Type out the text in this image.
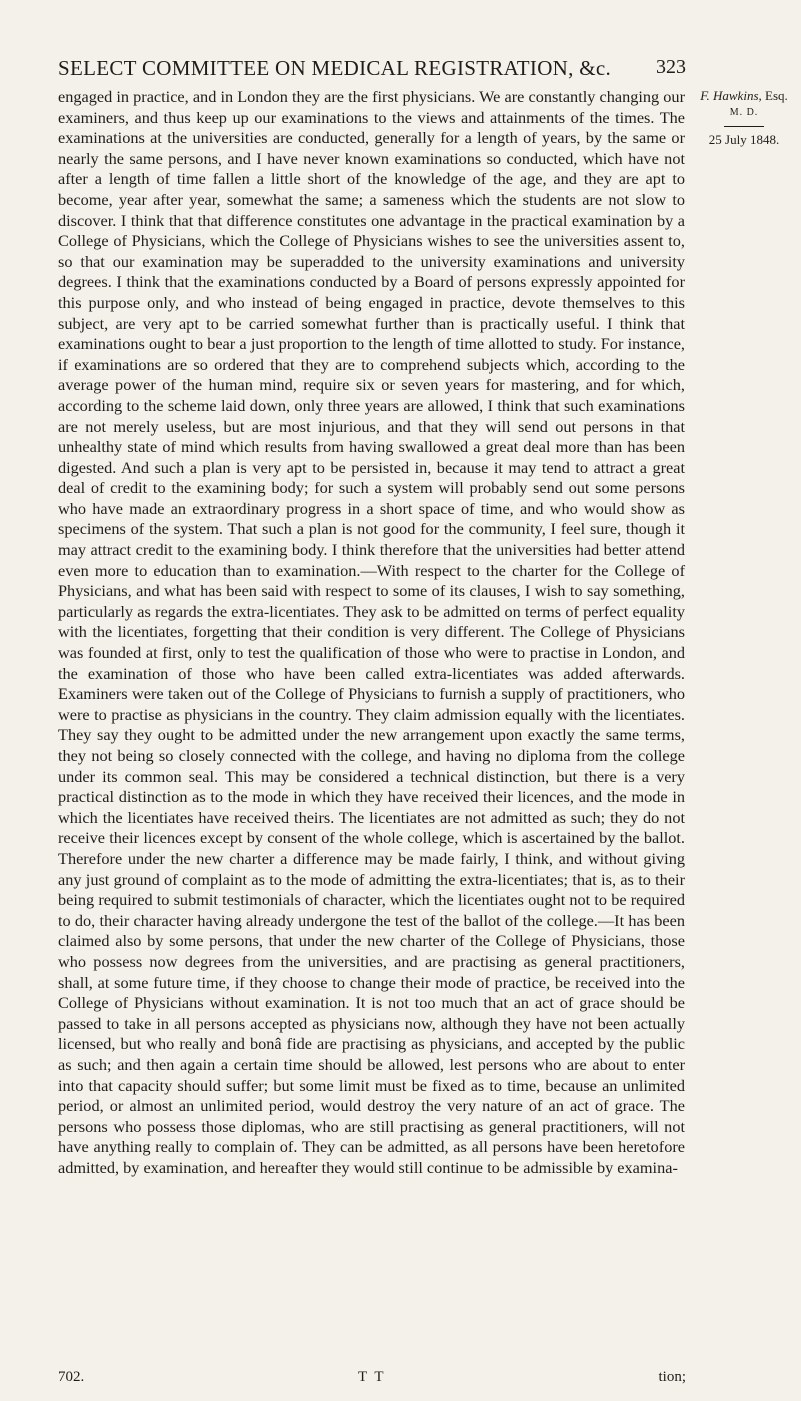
SELECT COMMITTEE ON MEDICAL REGISTRATION, &c. 323
engaged in practice, and in London they are the first physicians. We are constantly changing our examiners, and thus keep up our examinations to the views and attainments of the times. The examinations at the universities are conducted, generally for a length of years, by the same or nearly the same persons, and I have never known examinations so conducted, which have not after a length of time fallen a little short of the knowledge of the age, and they are apt to become, year after year, somewhat the same; a sameness which the students are not slow to discover. I think that that difference constitutes one advantage in the practical examination by a College of Physicians, which the College of Physicians wishes to see the universities assent to, so that our examination may be superadded to the university examinations and university degrees. I think that the examinations conducted by a Board of persons expressly appointed for this purpose only, and who instead of being engaged in practice, devote themselves to this subject, are very apt to be carried somewhat further than is practically useful. I think that examinations ought to bear a just proportion to the length of time allotted to study. For instance, if examinations are so ordered that they are to comprehend subjects which, according to the average power of the human mind, require six or seven years for mastering, and for which, according to the scheme laid down, only three years are allowed, I think that such examinations are not merely useless, but are most injurious, and that they will send out persons in that unhealthy state of mind which results from having swallowed a great deal more than has been digested. And such a plan is very apt to be persisted in, because it may tend to attract a great deal of credit to the examining body; for such a system will probably send out some persons who have made an extraordinary progress in a short space of time, and who would show as specimens of the system. That such a plan is not good for the community, I feel sure, though it may attract credit to the examining body. I think therefore that the universities had better attend even more to education than to examination.—With respect to the charter for the College of Physicians, and what has been said with respect to some of its clauses, I wish to say something, particularly as regards the extra-licentiates. They ask to be admitted on terms of perfect equality with the licentiates, forgetting that their condition is very different. The College of Physicians was founded at first, only to test the qualification of those who were to practise in London, and the examination of those who have been called extra-licentiates was added afterwards. Examiners were taken out of the College of Physicians to furnish a supply of practitioners, who were to practise as physicians in the country. They claim admission equally with the licentiates. They say they ought to be admitted under the new arrangement upon exactly the same terms, they not being so closely connected with the college, and having no diploma from the college under its common seal. This may be considered a technical distinction, but there is a very practical distinction as to the mode in which they have received their licences, and the mode in which the licentiates have received theirs. The licentiates are not admitted as such; they do not receive their licences except by consent of the whole college, which is ascertained by the ballot. Therefore under the new charter a difference may be made fairly, I think, and without giving any just ground of complaint as to the mode of admitting the extra-licentiates; that is, as to their being required to submit testimonials of character, which the licentiates ought not to be required to do, their character having already undergone the test of the ballot of the college.—It has been claimed also by some persons, that under the new charter of the College of Physicians, those who possess now degrees from the universities, and are practising as general practitioners, shall, at some future time, if they choose to change their mode of practice, be received into the College of Physicians without examination. It is not too much that an act of grace should be passed to take in all persons accepted as physicians now, although they have not been actually licensed, but who really and bonâ fide are practising as physicians, and accepted by the public as such; and then again a certain time should be allowed, lest persons who are about to enter into that capacity should suffer; but some limit must be fixed as to time, because an unlimited period, or almost an unlimited period, would destroy the very nature of an act of grace. The persons who possess those diplomas, who are still practising as general practitioners, will not have anything really to complain of. They can be admitted, as all persons have been heretofore admitted, by examination, and hereafter they would still continue to be admissible by examina-
F. Hawkins, Esq.
M. D.
25 July 1848.
702.	T T	tion;
